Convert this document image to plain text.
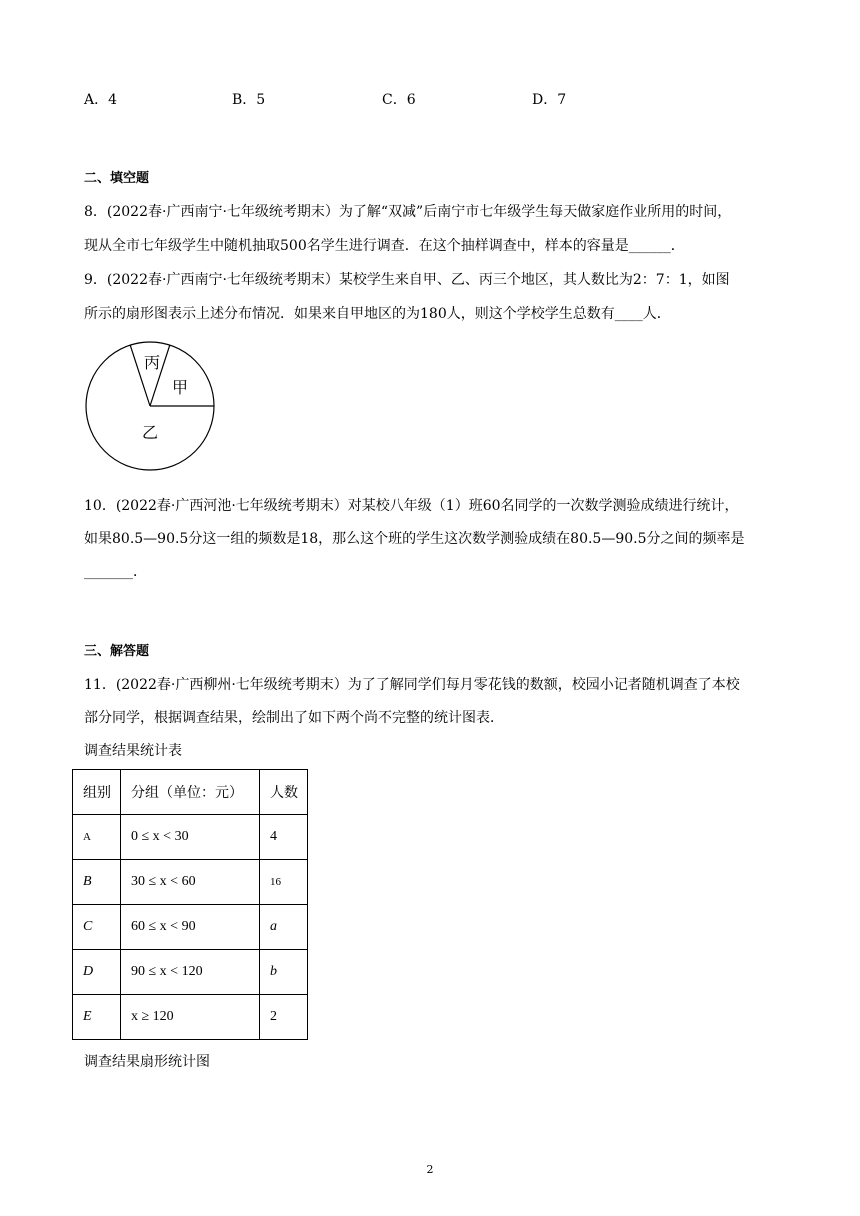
A．4	B．5	C．6	D．7
二、填空题
8．(2022春·广西南宁·七年级统考期末）为了解“双减”后南宁市七年级学生每天做家庭作业所用的时间，
现从全市七年级学生中随机抽取500名学生进行调查．在这个抽样调查中，样本的容量是______．
9．(2022春·广西南宁·七年级统考期末）某校学生来自甲、乙、丙三个地区，其人数比为2：7：1，如图
所示的扇形图表示上述分布情况．如果来自甲地区的为180人，则这个学校学生总数有____人．
丙
甲
乙
10．(2022春·广西河池·七年级统考期末）对某校八年级（1）班60名同学的一次数学测验成绩进行统计，
如果80.5—90.5分这一组的频数是18，那么这个班的学生这次数学测验成绩在80.5—90.5分之间的频率是
_______．
三、解答题
11．(2022春·广西柳州·七年级统考期末）为了了解同学们每月零花钱的数额，校园小记者随机调查了本校
部分同学，根据调查结果，绘制出了如下两个尚不完整的统计图表．
调查结果统计表
组别	分组（单位：元）	人数
A	0 ≤ x < 30	4
B	30 ≤ x < 60	16
C	60 ≤ x < 90	a
D	90 ≤ x < 120	b
E	x ≥ 120	2
调查结果扇形统计图
2
